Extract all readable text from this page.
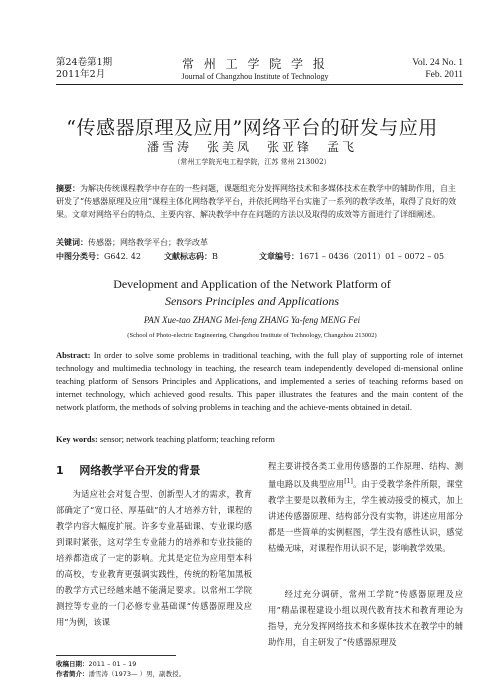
第24卷第1期
2011年2月
常 州 工 学 院 学 报
Journal of Changzhou Institute of Technology
Vol. 24 No. 1
Feb. 2011
“传感器原理及应用”网络平台的研发与应用
潘雪涛　张美凤　张亚锋　孟飞
（常州工学院光电工程学院，江苏 常州 213002）
摘要：为解决传统课程教学中存在的一些问题，课题组充分发挥网络技术和多媒体技术在教学中的辅助作用，自主研发了“传感器原理及应用”课程主体化网络教学平台，并依托网络平台实施了一系列的教学改革，取得了良好的效果。文章对网络平台的特点、主要内容、解决教学中存在问题的方法以及取得的成效等方面进行了详细阐述。
关键词：传感器；网络教学平台；教学改革
中图分类号：G642. 42	文献标志码：B	文章编号：1671 – 0436（2011）01 – 0072 – 05
Development and Application of the Network Platform of
Sensors Principles and Applications
PAN Xue-tao ZHANG Mei-feng ZHANG Ya-feng MENG Fei
(School of Photo-electric Engineering, Changzhou Institute of Technology, Changzhou 213002)
Abstract: In order to solve some problems in traditional teaching, with the full play of supporting role of internet technology and multimedia technology in teaching, the research team independently developed di-mensional online teaching platform of Sensors Principles and Applications, and implemented a series of teaching reforms based on internet technology, which achieved good results. This paper illustrates the features and the main content of the network platform, the methods of solving problems in teaching and the achieve-ments obtained in detail.
Key words: sensor; network teaching platform; teaching reform
1 网络教学平台开发的背景
为适应社会对复合型、创新型人才的需求，教育部确定了“宽口径、厚基础”的人才培养方针，课程的教学内容大幅度扩展。许多专业基础课、专业课均感到课时紧张，这对学生专业能力的培养和专业技能的培养都造成了一定的影响。尤其是定位为应用型本科的高校，专业教育更强调实践性，传统的粉笔加黑板的教学方式已经越来越不能满足要求。以常州工学院测控等专业的一门必修专业基础课“传感器原理及应用”为例，该课
程主要讲授各类工业用传感器的工作原理、结构、测量电路以及典型应用[1]。由于受教学条件所限，课堂教学主要是以教师为主，学生被动接受的模式，加上讲述传感器原理、结构部分没有实物，讲述应用部分都是一些简单的实例框图，学生没有感性认识，感觉枯燥无味，对课程作用认识不足，影响教学效果。
经过充分调研，常州工学院“传感器原理及应用”精品课程建设小组以现代教育技术和教育理论为指导，充分发挥网络技术和多媒体技术在教学中的辅助作用，自主研发了“传感器原理及
收稿日期：2011 – 01 – 19
作者简介：潘雪涛（1973— ）男，副教授。
